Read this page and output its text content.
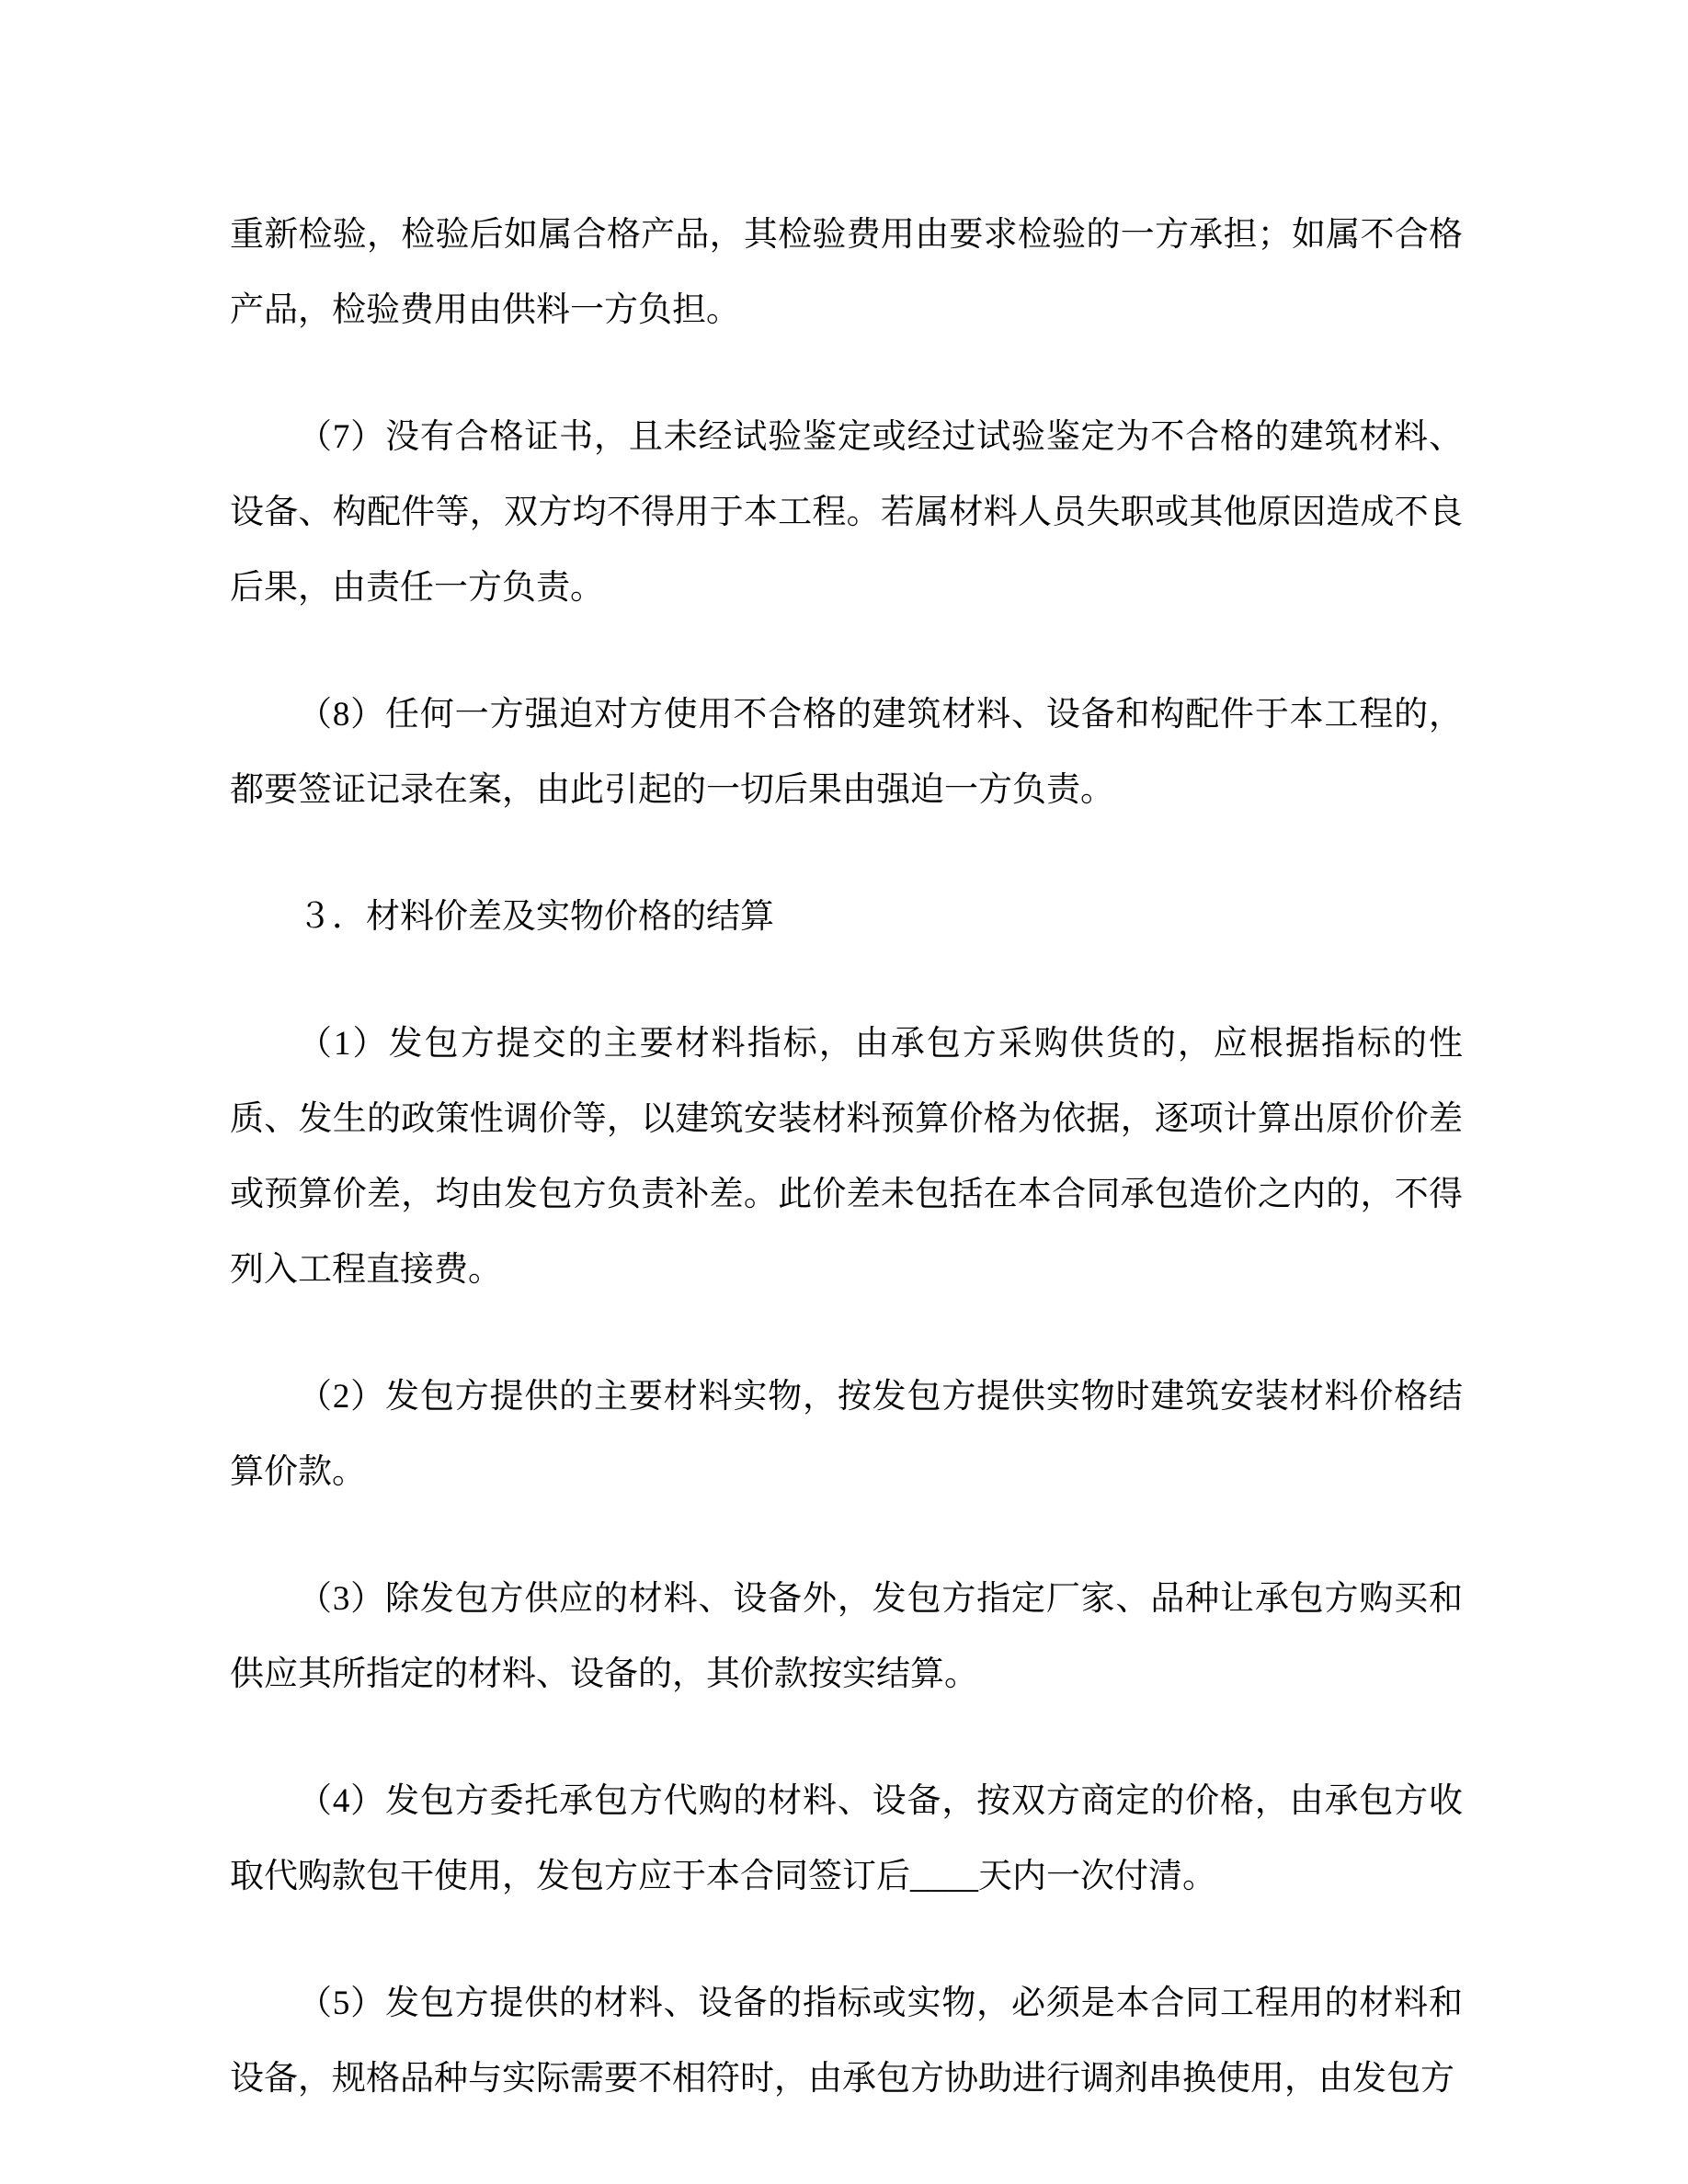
重新检验，检验后如属合格产品，其检验费用由要求检验的一方承担；如属不合格产品，检验费用由供料一方负担。

（7）没有合格证书，且未经试验鉴定或经过试验鉴定为不合格的建筑材料、设备、构配件等，双方均不得用于本工程。若属材料人员失职或其他原因造成不良后果，由责任一方负责。

（8）任何一方强迫对方使用不合格的建筑材料、设备和构配件于本工程的，都要签证记录在案，由此引起的一切后果由强迫一方负责。

３．材料价差及实物价格的结算

（1）发包方提交的主要材料指标，由承包方采购供货的，应根据指标的性质、发生的政策性调价等，以建筑安装材料预算价格为依据，逐项计算出原价价差或预算价差，均由发包方负责补差。此价差未包括在本合同承包造价之内的，不得列入工程直接费。

（2）发包方提供的主要材料实物，按发包方提供实物时建筑安装材料价格结算价款。

（3）除发包方供应的材料、设备外，发包方指定厂家、品种让承包方购买和供应其所指定的材料、设备的，其价款按实结算。

（4）发包方委托承包方代购的材料、设备，按双方商定的价格，由承包方收取代购款包干使用，发包方应于本合同签订后____天内一次付清。

（5）发包方提供的材料、设备的指标或实物，必须是本合同工程用的材料和设备，规格品种与实际需要不相符时，由承包方协助进行调剂串换使用，由发包方
